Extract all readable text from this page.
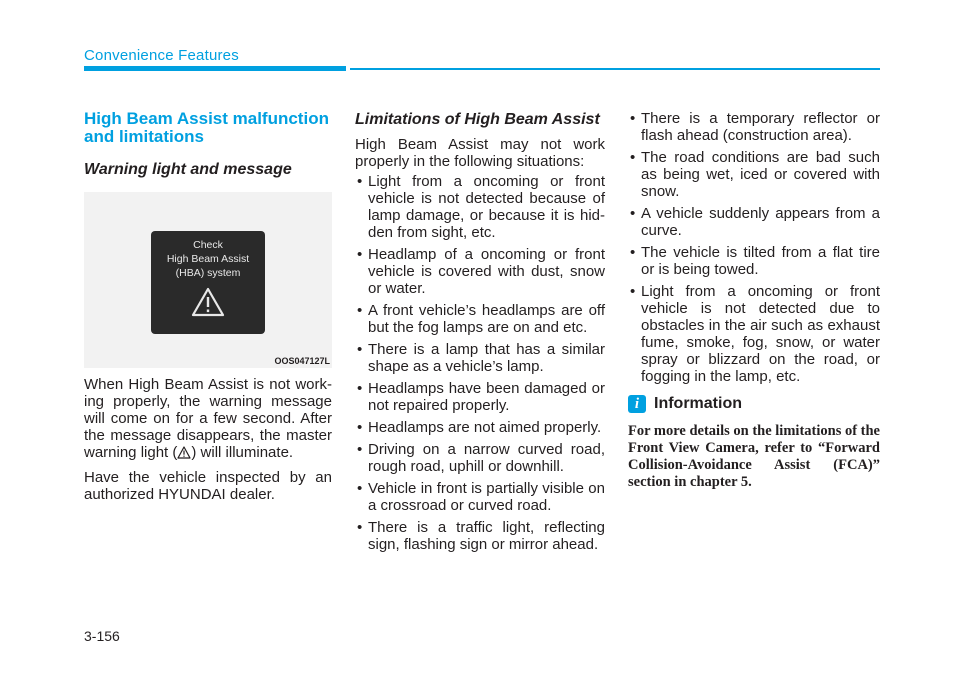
Convenience Features
High Beam Assist malfunction and limitations
Warning light and message
Check
High Beam Assist
(HBA) system
OOS047127L

When High Beam Assist is not work-ing properly, the warning message will come on for a few second. After the message disappears, the master warning light ( ) will illuminate.

Have the vehicle inspected by an authorized HYUNDAI dealer.

Limitations of High Beam Assist

High Beam Assist may not work properly in the following situations:

• Light from a oncoming or front vehicle is not detected because of lamp damage, or because it is hid-den from sight, etc.
• Headlamp of a oncoming or front vehicle is covered with dust, snow or water.
• A front vehicle’s headlamps are off but the fog lamps are on and etc.
• There is a lamp that has a similar shape as a vehicle’s lamp.
• Headlamps have been damaged or not repaired properly.
• Headlamps are not aimed properly.
• Driving on a narrow curved road, rough road, uphill or downhill.
• Vehicle in front is partially visible on a crossroad or curved road.
• There is a traffic light, reflecting sign, flashing sign or mirror ahead.
• There is a temporary reflector or flash ahead (construction area).
• The road conditions are bad such as being wet, iced or covered with snow.
• A vehicle suddenly appears from a curve.
• The vehicle is tilted from a flat tire or is being towed.
• Light from a oncoming or front vehicle is not detected due to obstacles in the air such as exhaust fume, smoke, fog, snow, or water spray or blizzard on the road, or fogging in the lamp, etc.
i Information
For more details on the limitations of the Front View Camera, refer to “Forward Collision-Avoidance Assist (FCA)” section in chapter 5.
3-156
